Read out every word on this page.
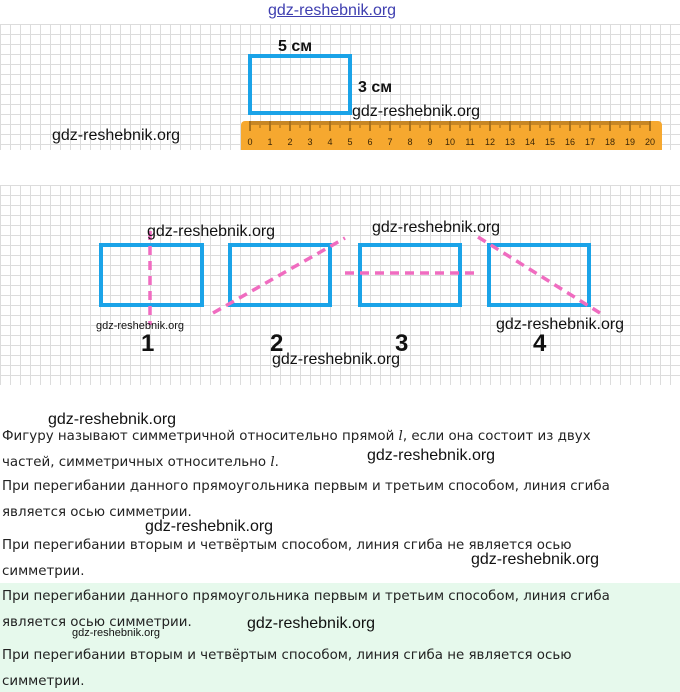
gdz-reshebnik.org
5 см
3 см
0 1 2 3 4 5 6 7 8 9 10 11 12 13 14 15 16 17 18 19 20
gdz-reshebnik.org
gdz-reshebnik.org
1	2	3	4
gdz-reshebnik.org	gdz-reshebnik.org
gdz-reshebnik.org	gdz-reshebnik.org
gdz-reshebnik.org
Фигуру называют симметричной относительно прямой l, если она состоит из двух
частей, симметричных относительно l.
При перегибании данного прямоугольника первым и третьим способом, линия сгиба
является осью симметрии.
При перегибании вторым и четвёртым способом, линия сгиба не является осью
симметрии.
При перегибании данного прямоугольника первым и третьим способом, линия сгиба
является осью симметрии.
При перегибании вторым и четвёртым способом, линия сгиба не является осью
симметрии.
gdz-reshebnik.org
gdz-reshebnik.org
gdz-reshebnik.org
gdz-reshebnik.org
gdz-reshebnik.org
gdz-reshebnik.org
